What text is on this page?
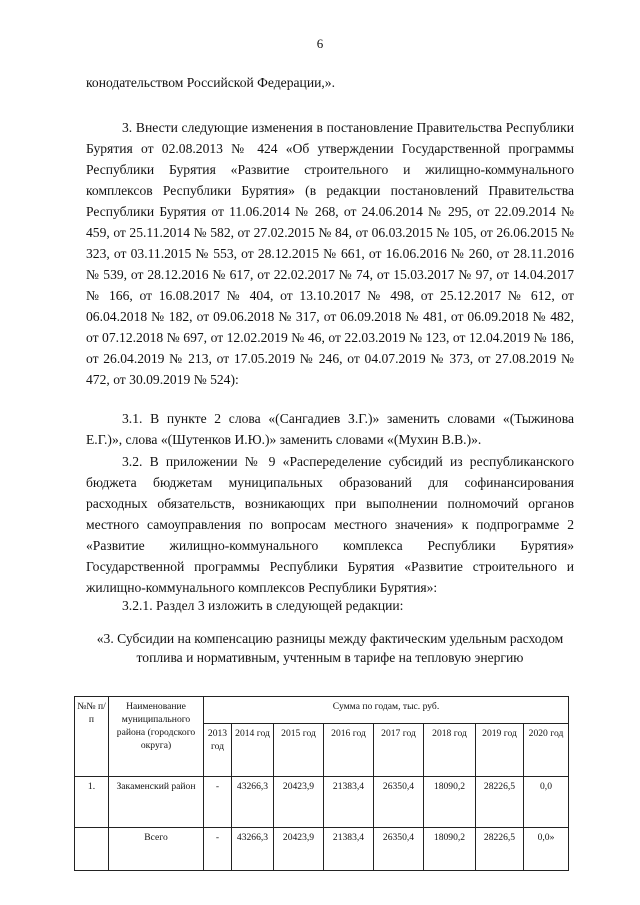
6
конодательством Российской Федерации,».
3. Внести следующие изменения в постановление Правительства Республики Бурятия от 02.08.2013 № 424 «Об утверждении Государственной программы Республики Бурятия «Развитие строительного и жилищно-коммунального комплексов Республики Бурятия» (в редакции постановлений Правительства Республики Бурятия от 11.06.2014 № 268, от 24.06.2014 № 295, от 22.09.2014 № 459, от 25.11.2014 № 582, от 27.02.2015 № 84, от 06.03.2015 № 105, от 26.06.2015 № 323, от 03.11.2015 № 553, от 28.12.2015 № 661, от 16.06.2016 № 260, от 28.11.2016 № 539, от 28.12.2016 № 617, от 22.02.2017 № 74, от 15.03.2017 № 97, от 14.04.2017 № 166, от 16.08.2017 № 404, от 13.10.2017 № 498, от 25.12.2017 № 612, от 06.04.2018 № 182, от 09.06.2018 № 317, от 06.09.2018 № 481, от 06.09.2018 № 482, от 07.12.2018 № 697, от 12.02.2019 № 46, от 22.03.2019 № 123, от 12.04.2019 № 186, от 26.04.2019 № 213, от 17.05.2019 № 246, от 04.07.2019 № 373, от 27.08.2019 № 472, от 30.09.2019 № 524):
3.1. В пункте 2 слова «(Сангадиев З.Г.)» заменить словами «(Тыжинова Е.Г.)», слова «(Шутенков И.Ю.)» заменить словами «(Мухин В.В.)».
3.2. В приложении № 9 «Распеределение субсидий из республиканского бюджета бюджетам муниципальных образований для софинансирования расходных обязательств, возникающих при выполнении полномочий органов местного самоуправления по вопросам местного значения» к подпрограмме 2 «Развитие жилищно-коммунального комплекса Республики Бурятия» Государственной программы Республики Бурятия «Развитие строительного и жилищно-коммунального комплексов Республики Бурятия»:
3.2.1. Раздел 3 изложить в следующей редакции:
«3. Субсидии на компенсацию разницы между фактическим удельным расходом топлива и нормативным, учтенным в тарифе на тепловую энергию
№№ п/п	Наименование муниципального района (городского округа)	Сумма по годам, тыс. руб.							
		2013 год	2014 год	2015 год	2016 год	2017 год	2018 год	2019 год	2020 год
1.	Закаменский район	-	43266,3	20423,9	21383,4	26350,4	18090,2	28226,5	0,0
	Всего	-	43266,3	20423,9	21383,4	26350,4	18090,2	28226,5	0,0»
